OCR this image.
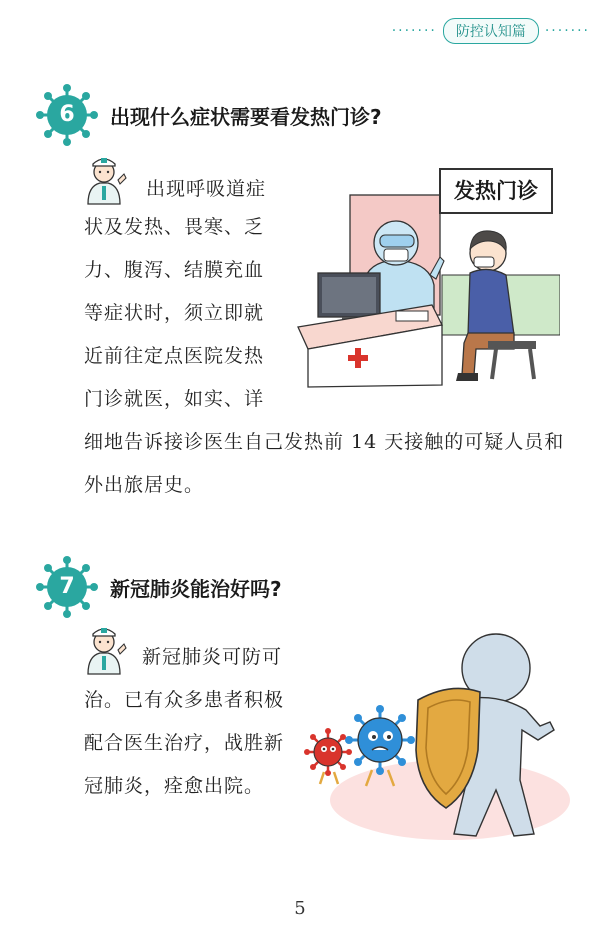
·······	防控认知篇	·······
6	出现什么症状需要看发热门诊?
出现呼吸道症
状及发热、畏寒、乏
力、腹泻、结膜充血
等症状时，须立即就
近前往定点医院发热
门诊就医，如实、详
细地告诉接诊医生自己发热前 14 天接触的可疑人员和
外出旅居史。
发热门诊
7	新冠肺炎能治好吗?
新冠肺炎可防可
治。已有众多患者积极
配合医生治疗，战胜新
冠肺炎，痊愈出院。
5
